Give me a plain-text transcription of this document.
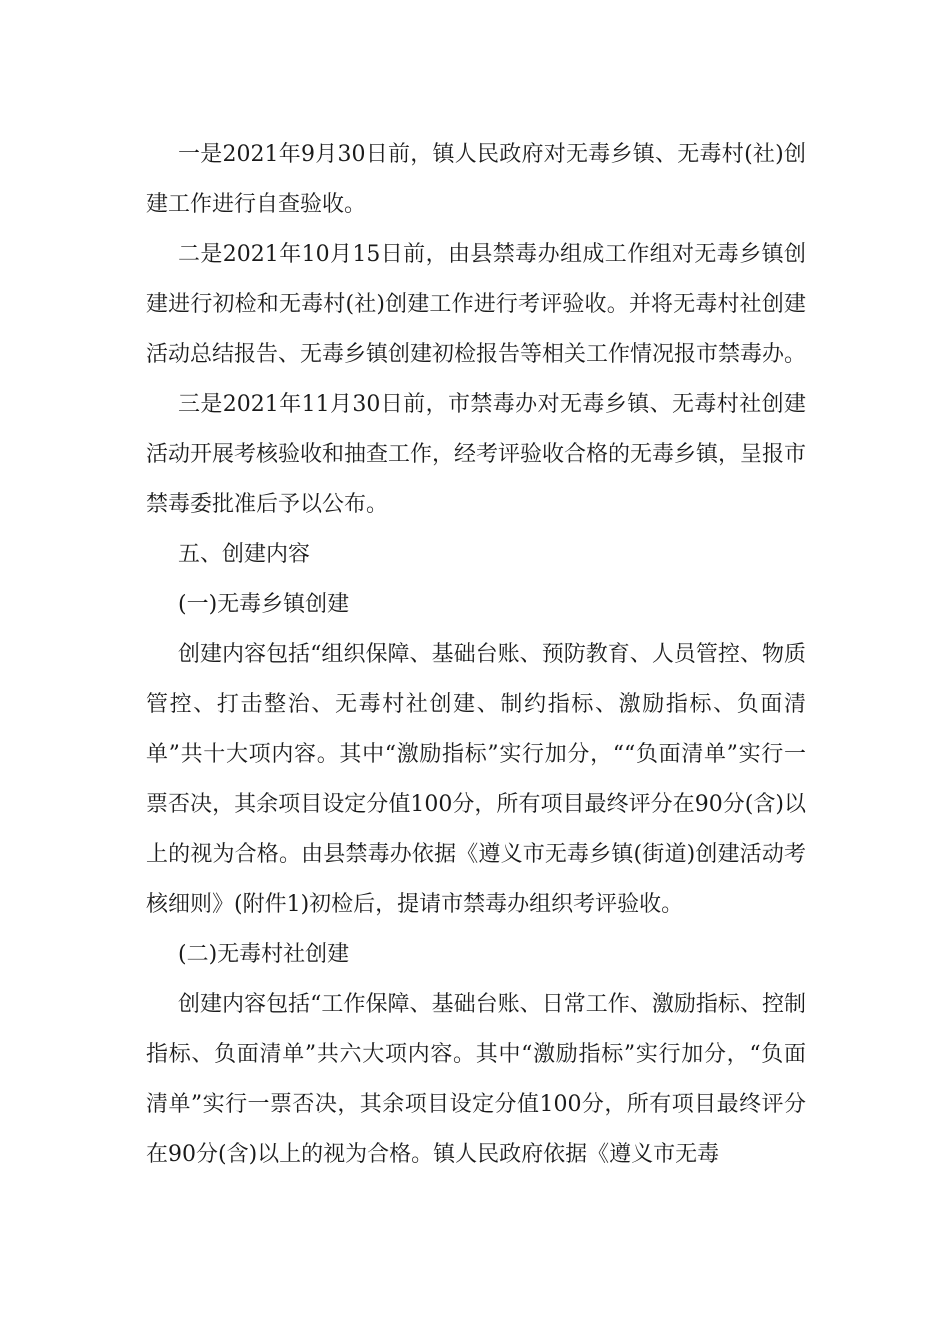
一是2021年9月30日前，镇人民政府对无毒乡镇、无毒村(社)创建工作进行自查验收。

二是2021年10月15日前，由县禁毒办组成工作组对无毒乡镇创建进行初检和无毒村(社)创建工作进行考评验收。并将无毒村社创建活动总结报告、无毒乡镇创建初检报告等相关工作情况报市禁毒办。

三是2021年11月30日前，市禁毒办对无毒乡镇、无毒村社创建活动开展考核验收和抽查工作，经考评验收合格的无毒乡镇，呈报市禁毒委批准后予以公布。

五、创建内容

(一)无毒乡镇创建

创建内容包括“组织保障、基础台账、预防教育、人员管控、物质管控、打击整治、无毒村社创建、制约指标、激励指标、负面清单”共十大项内容。其中“激励指标”实行加分，““负面清单”实行一票否决，其余项目设定分值100分，所有项目最终评分在90分(含)以上的视为合格。由县禁毒办依据《遵义市无毒乡镇(街道)创建活动考核细则》(附件1)初检后，提请市禁毒办组织考评验收。

(二)无毒村社创建

创建内容包括“工作保障、基础台账、日常工作、激励指标、控制指标、负面清单”共六大项内容。其中“激励指标”实行加分，“负面清单”实行一票否决，其余项目设定分值100分，所有项目最终评分在90分(含)以上的视为合格。镇人民政府依据《遵义市无毒
